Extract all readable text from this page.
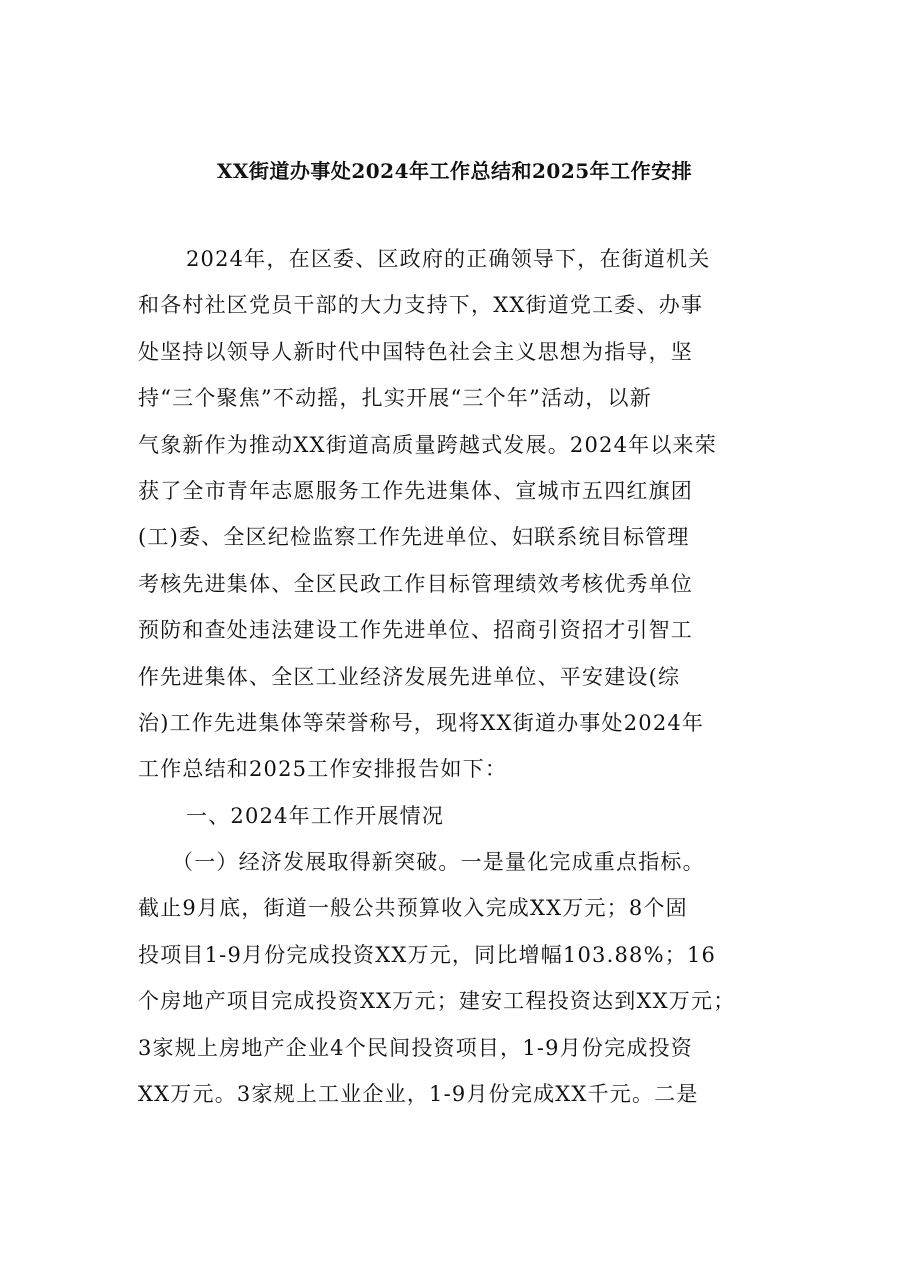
XX街道办事处2024年工作总结和2025年工作安排
2024年，在区委、区政府的正确领导下，在街道机关
和各村社区党员干部的大力支持下，XX街道党工委、办事
处坚持以领导人新时代中国特色社会主义思想为指导，坚
持“三个聚焦”不动摇，扎实开展“三个年”活动，以新
气象新作为推动XX街道高质量跨越式发展。2024年以来荣
获了全市青年志愿服务工作先进集体、宣城市五四红旗团
(工)委、全区纪检监察工作先进单位、妇联系统目标管理
考核先进集体、全区民政工作目标管理绩效考核优秀单位
预防和查处违法建设工作先进单位、招商引资招才引智工
作先进集体、全区工业经济发展先进单位、平安建设(综
治)工作先进集体等荣誉称号，现将XX街道办事处2024年
工作总结和2025工作安排报告如下：
一、2024年工作开展情况
（一）经济发展取得新突破。一是量化完成重点指标。
截止9月底，街道一般公共预算收入完成XX万元；8个固
投项目1-9月份完成投资XX万元，同比增幅103.88%；16
个房地产项目完成投资XX万元；建安工程投资达到XX万元；
3家规上房地产企业4个民间投资项目，1-9月份完成投资
XX万元。3家规上工业企业，1-9月份完成XX千元。二是
